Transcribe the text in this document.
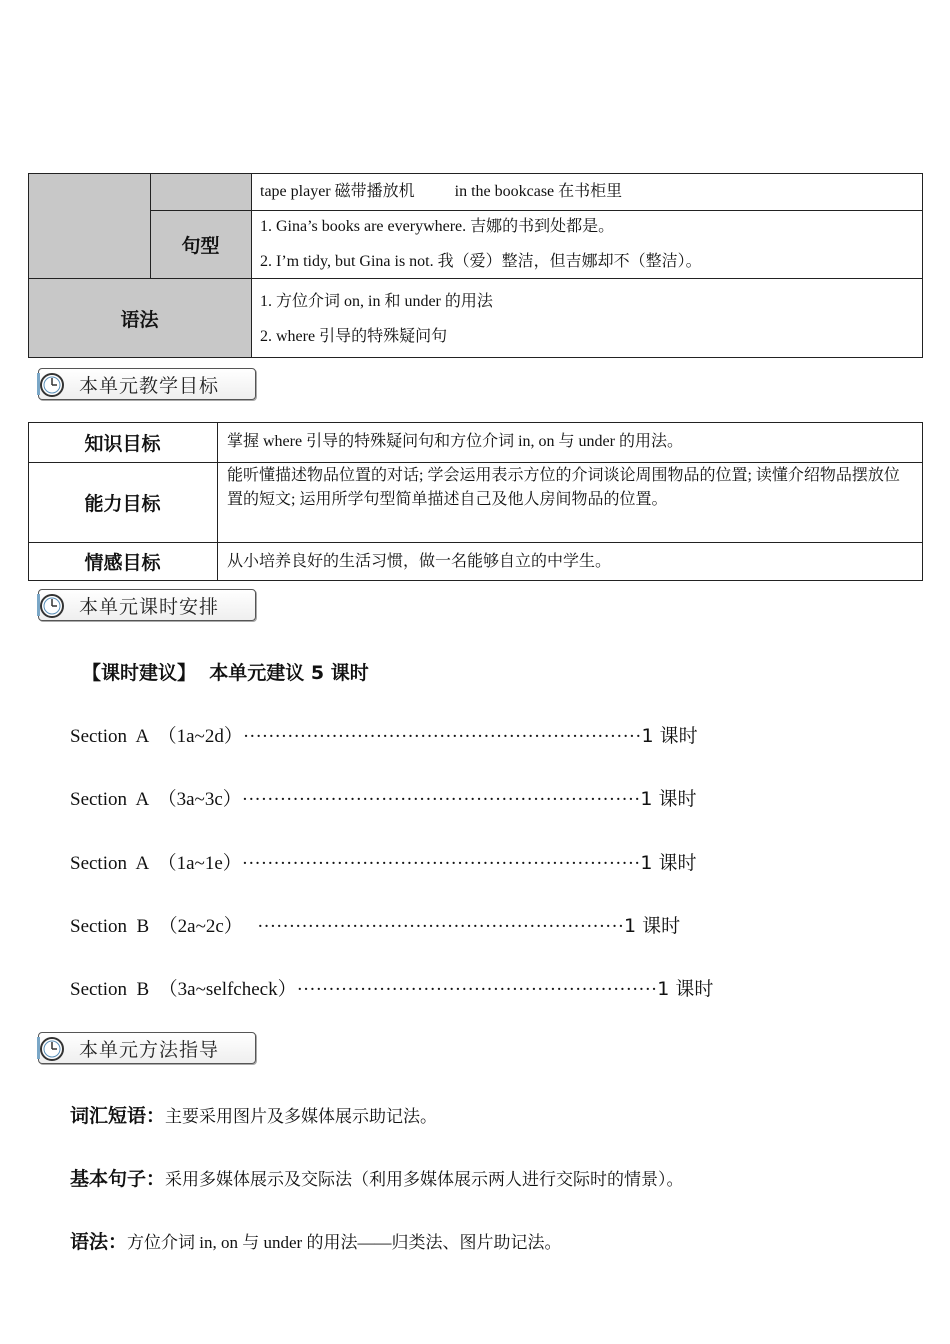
句型
语法
tape player 磁带播放机          in the bookcase 在书柜里
1. Gina’s books are everywhere. 吉娜的书到处都是。
2. I’m tidy, but Gina is not. 我（爱）整洁，但吉娜却不（整洁）。
1. 方位介词 on, in 和 under 的用法
2. where 引导的特殊疑问句
本单元教学目标
知识目标	掌握 where 引导的特殊疑问句和方位介词 in, on 与 under 的用法。
能力目标
能听懂描述物品位置的对话; 学会运用表示方位的介词谈论周围物品的位置; 读懂介绍物品摆放位置的短文; 运用所学句型简单描述自己及他人房间物品的位置。
情感目标	从小培养良好的生活习惯，做一名能够自立的中学生。
本单元课时安排
【课时建议】 本单元建议 5 课时
Section  A  （1a~2d）·······························································1 课时
Section  A  （3a~3c）·······························································1 课时
Section  A  （1a~1e）·······························································1 课时
Section  B  （2a~2c）   ··························································1 课时
Section  B  （3a~selfcheck）·························································1 课时
本单元方法指导
词汇短语：主要采用图片及多媒体展示助记法。
基本句子：采用多媒体展示及交际法（利用多媒体展示两人进行交际时的情景）。
语法：方位介词 in, on 与 under 的用法——归类法、图片助记法。
